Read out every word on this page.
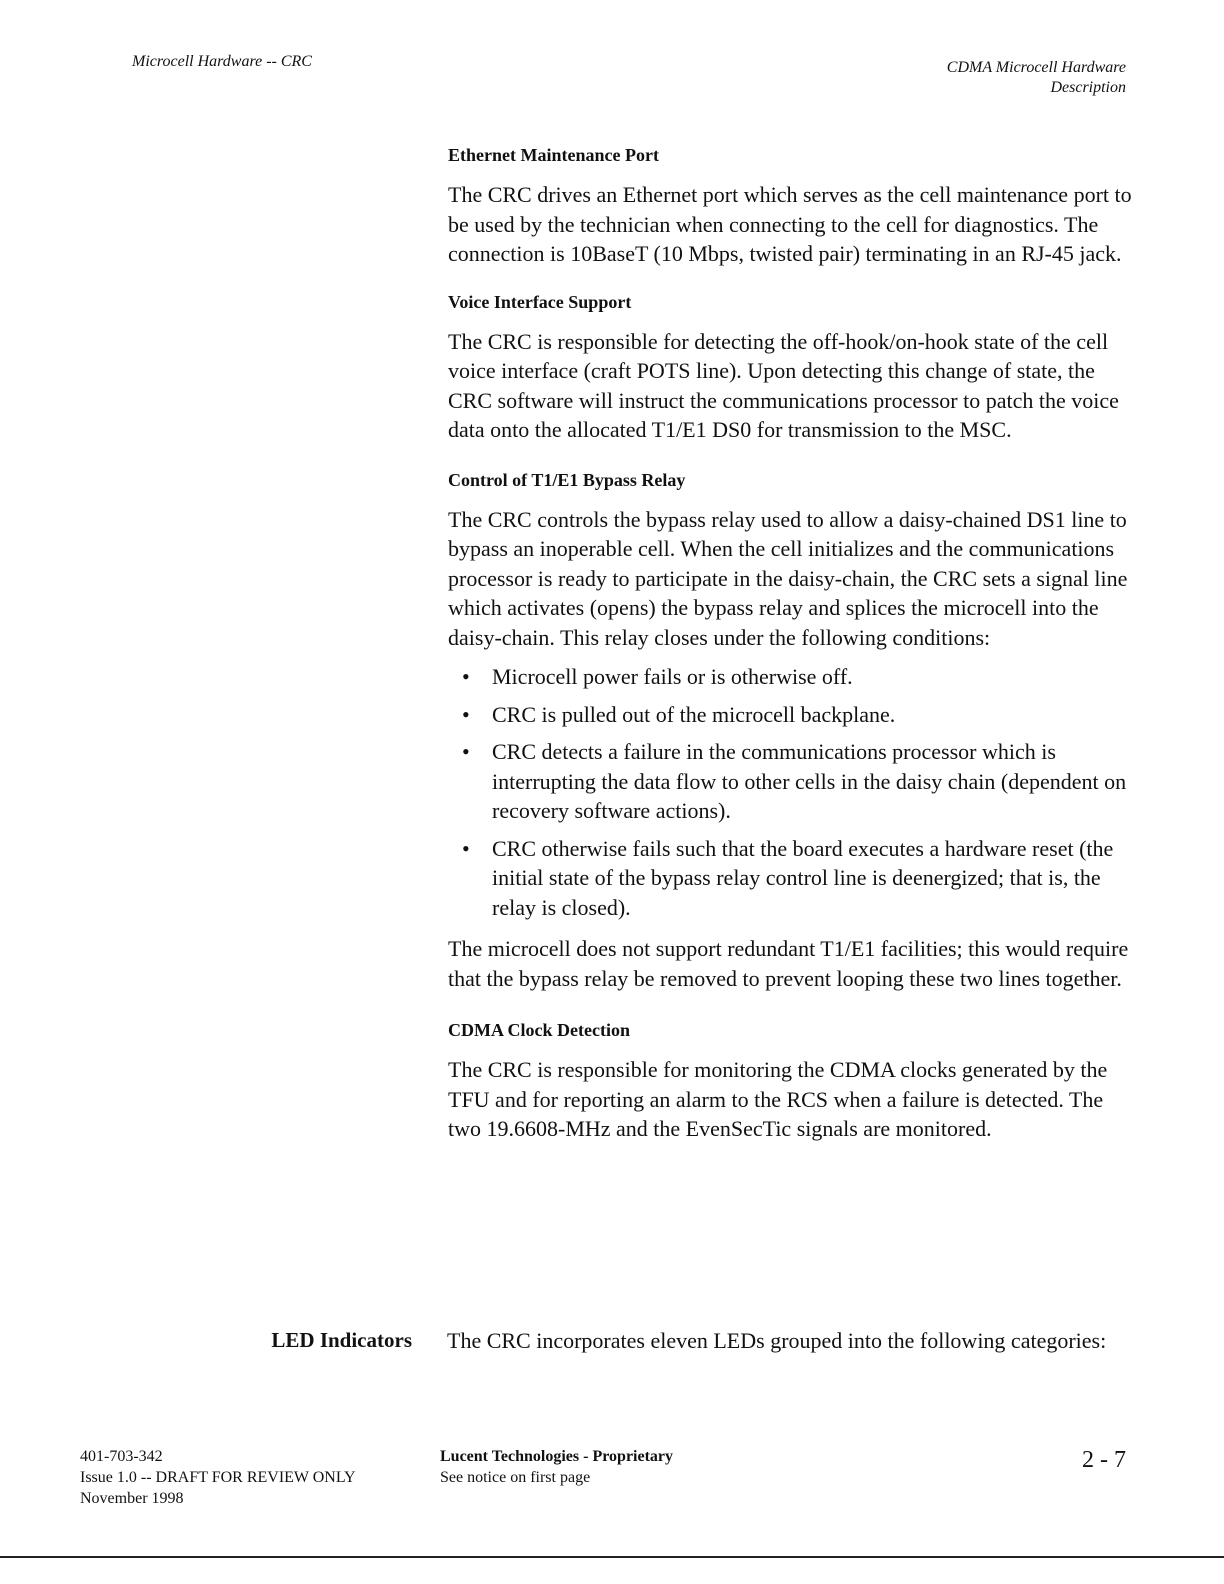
Microcell Hardware -- CRC	CDMA Microcell Hardware
Description
Ethernet Maintenance Port

The CRC drives an Ethernet port which serves as the cell maintenance port to be used by the technician when connecting to the cell for diagnostics. The connection is 10BaseT (10 Mbps, twisted pair) terminating in an RJ-45 jack.

Voice Interface Support

The CRC is responsible for detecting the off-hook/on-hook state of the cell voice interface (craft POTS line). Upon detecting this change of state, the CRC software will instruct the communications processor to patch the voice data onto the allocated T1/E1 DS0 for transmission to the MSC.

Control of T1/E1 Bypass Relay

The CRC controls the bypass relay used to allow a daisy-chained DS1 line to bypass an inoperable cell. When the cell initializes and the communications processor is ready to participate in the daisy-chain, the CRC sets a signal line which activates (opens) the bypass relay and splices the microcell into the daisy-chain. This relay closes under the following conditions:

• Microcell power fails or is otherwise off.
• CRC is pulled out of the microcell backplane.
• CRC detects a failure in the communications processor which is interrupting the data flow to other cells in the daisy chain (dependent on recovery software actions).
• CRC otherwise fails such that the board executes a hardware reset (the initial state of the bypass relay control line is deenergized; that is, the relay is closed).

The microcell does not support redundant T1/E1 facilities; this would require that the bypass relay be removed to prevent looping these two lines together.

CDMA Clock Detection

The CRC is responsible for monitoring the CDMA clocks generated by the TFU and for reporting an alarm to the RCS when a failure is detected. The two 19.6608-MHz and the EvenSecTic signals are monitored.

LED Indicators The CRC incorporates eleven LEDs grouped into the following categories:
401-703-342
Issue 1.0 -- DRAFT FOR REVIEW ONLY
November 1998
Lucent Technologies - Proprietary
See notice on first page
2 - 7
